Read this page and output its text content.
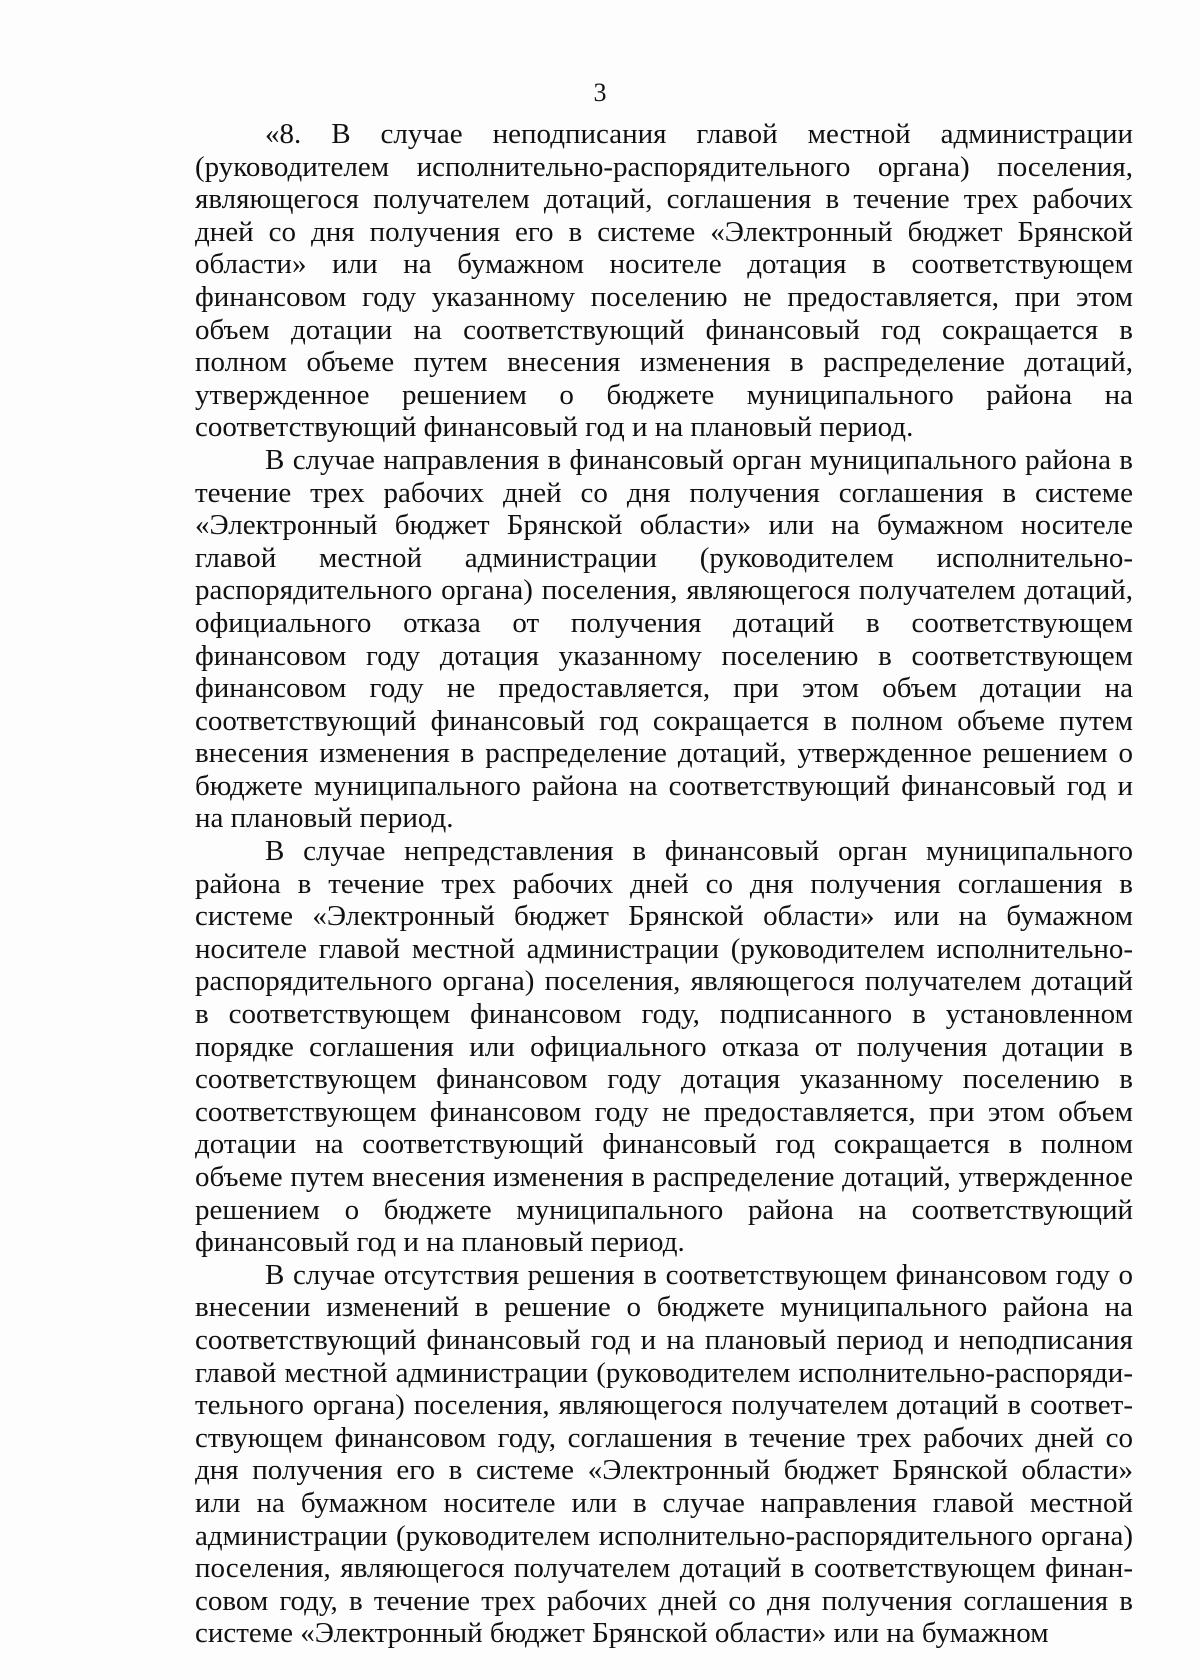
3

«8. В случае неподписания главой местной администрации (руководителем исполнительно-распорядительного органа) поселения, являющегося получателем дотаций, соглашения в течение трех рабочих дней со дня получения его в системе «Электронный бюджет Брянской области» или на бумажном носителе дотация в соответствующем финансовом году указанному поселению не предоставляется, при этом объем дотации на соответствующий финансовый год сокращается в полном объеме путем внесения изменения в распределение дотаций, утвержденное решением о бюджете муниципального района на соответствующий финансовый год и на плановый период.

В случае направления в финансовый орган муниципального района в течение трех рабочих дней со дня получения соглашения в системе «Электронный бюджет Брянской области» или на бумажном носителе главой местной администрации (руководителем исполнительно-распорядительного органа) поселения, являющегося получателем дотаций, официального отказа от получения дотаций в соответствующем финансовом году дотация указанному поселению в соответствующем финансовом году не предоставляется, при этом объем дотации на соответствующий финансовый год сокращается в полном объеме путем внесения изменения в распределение дотаций, утвержденное решением о бюджете муниципального района на соответствующий финансовый год и на плановый период.

В случае непредставления в финансовый орган муниципального района в течение трех рабочих дней со дня получения соглашения в системе «Электронный бюджет Брянской области» или на бумажном носителе главой местной администрации (руководителем исполнительно-распорядительного органа) поселения, являющегося получателем дотаций в соответствующем финансовом году, подписанного в установленном порядке соглашения или официального отказа от получения дотации в соответствующем финансовом году дотация указанному поселению в соответствующем финансовом году не предоставляется, при этом объем дотации на соответствующий финансовый год сокращается в полном объеме путем внесения изменения в распределение дотаций, утвержденное решением о бюджете муниципального района на соответствующий финансовый год и на плановый период.

В случае отсутствия решения в соответствующем финансовом году о внесении изменений в решение о бюджете муниципального района на соответствующий финансовый год и на плановый период и неподписания главой местной администрации (руководителем исполнительно-распорядительного органа) поселения, являющегося получателем дотаций в соответствующем финансовом году, соглашения в течение трех рабочих дней со дня получения его в системе «Электронный бюджет Брянской области» или на бумажном носителе или в случае направления главой местной администрации (руководителем исполнительно-распорядительного органа) поселения, являющегося получателем дотаций в соответствующем финансовом году, в течение трех рабочих дней со дня получения соглашения в системе «Электронный бюджет Брянской области» или на бумажном
